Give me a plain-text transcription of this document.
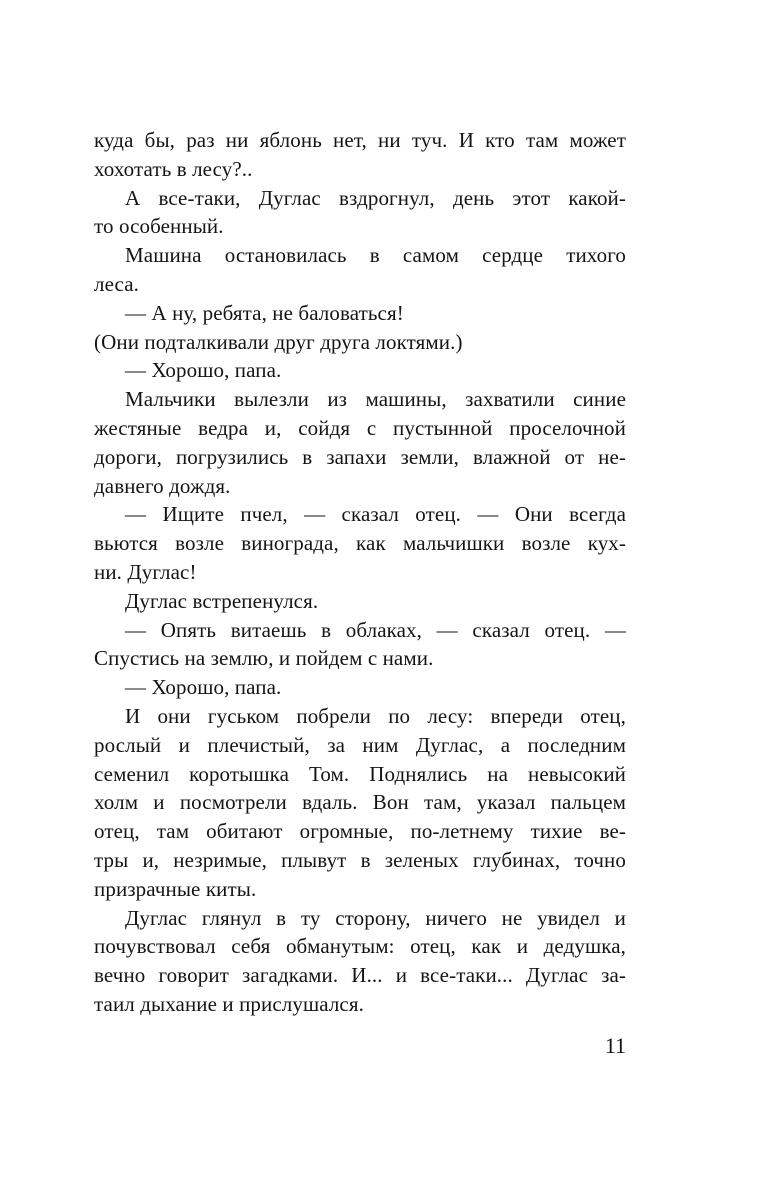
куда бы, раз ни яблонь нет, ни туч. И кто там может
хохотать в лесу?..
А все-таки, Дуглас вздрогнул, день этот какой-
то особенный.
Машина остановилась в самом сердце тихого
леса.
— А ну, ребята, не баловаться!
(Они подталкивали друг друга локтями.)
— Хорошо, папа.
Мальчики вылезли из машины, захватили синие
жестяные ведра и, сойдя с пустынной проселочной
дороги, погрузились в запахи земли, влажной от не-
давнего дождя.
— Ищите пчел, — сказал отец. — Они всегда
вьются возле винограда, как мальчишки возле кух-
ни. Дуглас!
Дуглас встрепенулся.
— Опять витаешь в облаках, — сказал отец. —
Спустись на землю, и пойдем с нами.
— Хорошо, папа.
И они гуськом побрели по лесу: впереди отец,
рослый и плечистый, за ним Дуглас, а последним
семенил коротышка Том. Поднялись на невысокий
холм и посмотрели вдаль. Вон там, указал пальцем
отец, там обитают огромные, по-летнему тихие ве-
тры и, незримые, плывут в зеленых глубинах, точно
призрачные киты.
Дуглас глянул в ту сторону, ничего не увидел и
почувствовал себя обманутым: отец, как и дедушка,
вечно говорит загадками. И... и все-таки... Дуглас за-
таил дыхание и прислушался.
11
